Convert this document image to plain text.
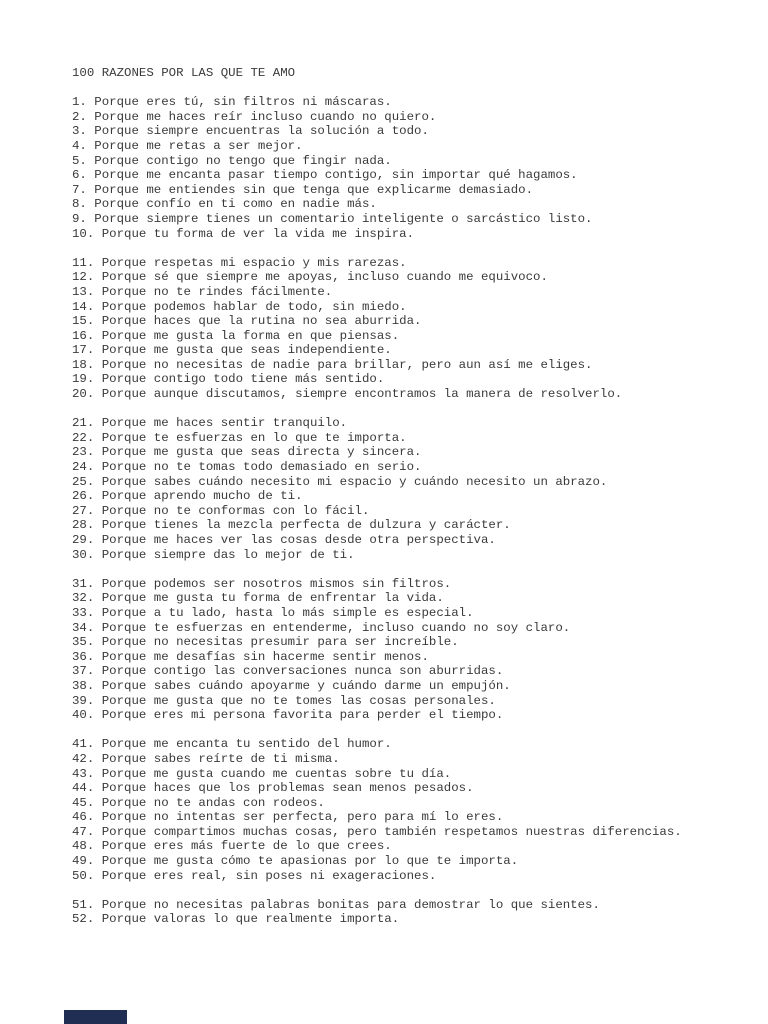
100 RAZONES POR LAS QUE TE AMO
1. Porque eres tú, sin filtros ni máscaras.
2. Porque me haces reír incluso cuando no quiero.
3. Porque siempre encuentras la solución a todo.
4. Porque me retas a ser mejor.
5. Porque contigo no tengo que fingir nada.
6. Porque me encanta pasar tiempo contigo, sin importar qué hagamos.
7. Porque me entiendes sin que tenga que explicarme demasiado.
8. Porque confío en ti como en nadie más.
9. Porque siempre tienes un comentario inteligente o sarcástico listo.
10. Porque tu forma de ver la vida me inspira.
11. Porque respetas mi espacio y mis rarezas.
12. Porque sé que siempre me apoyas, incluso cuando me equivoco.
13. Porque no te rindes fácilmente.
14. Porque podemos hablar de todo, sin miedo.
15. Porque haces que la rutina no sea aburrida.
16. Porque me gusta la forma en que piensas.
17. Porque me gusta que seas independiente.
18. Porque no necesitas de nadie para brillar, pero aun así me eliges.
19. Porque contigo todo tiene más sentido.
20. Porque aunque discutamos, siempre encontramos la manera de resolverlo.
21. Porque me haces sentir tranquilo.
22. Porque te esfuerzas en lo que te importa.
23. Porque me gusta que seas directa y sincera.
24. Porque no te tomas todo demasiado en serio.
25. Porque sabes cuándo necesito mi espacio y cuándo necesito un abrazo.
26. Porque aprendo mucho de ti.
27. Porque no te conformas con lo fácil.
28. Porque tienes la mezcla perfecta de dulzura y carácter.
29. Porque me haces ver las cosas desde otra perspectiva.
30. Porque siempre das lo mejor de ti.
31. Porque podemos ser nosotros mismos sin filtros.
32. Porque me gusta tu forma de enfrentar la vida.
33. Porque a tu lado, hasta lo más simple es especial.
34. Porque te esfuerzas en entenderme, incluso cuando no soy claro.
35. Porque no necesitas presumir para ser increíble.
36. Porque me desafías sin hacerme sentir menos.
37. Porque contigo las conversaciones nunca son aburridas.
38. Porque sabes cuándo apoyarme y cuándo darme un empujón.
39. Porque me gusta que no te tomes las cosas personales.
40. Porque eres mi persona favorita para perder el tiempo.
41. Porque me encanta tu sentido del humor.
42. Porque sabes reírte de ti misma.
43. Porque me gusta cuando me cuentas sobre tu día.
44. Porque haces que los problemas sean menos pesados.
45. Porque no te andas con rodeos.
46. Porque no intentas ser perfecta, pero para mí lo eres.
47. Porque compartimos muchas cosas, pero también respetamos nuestras diferencias.
48. Porque eres más fuerte de lo que crees.
49. Porque me gusta cómo te apasionas por lo que te importa.
50. Porque eres real, sin poses ni exageraciones.
51. Porque no necesitas palabras bonitas para demostrar lo que sientes.
52. Porque valoras lo que realmente importa.
